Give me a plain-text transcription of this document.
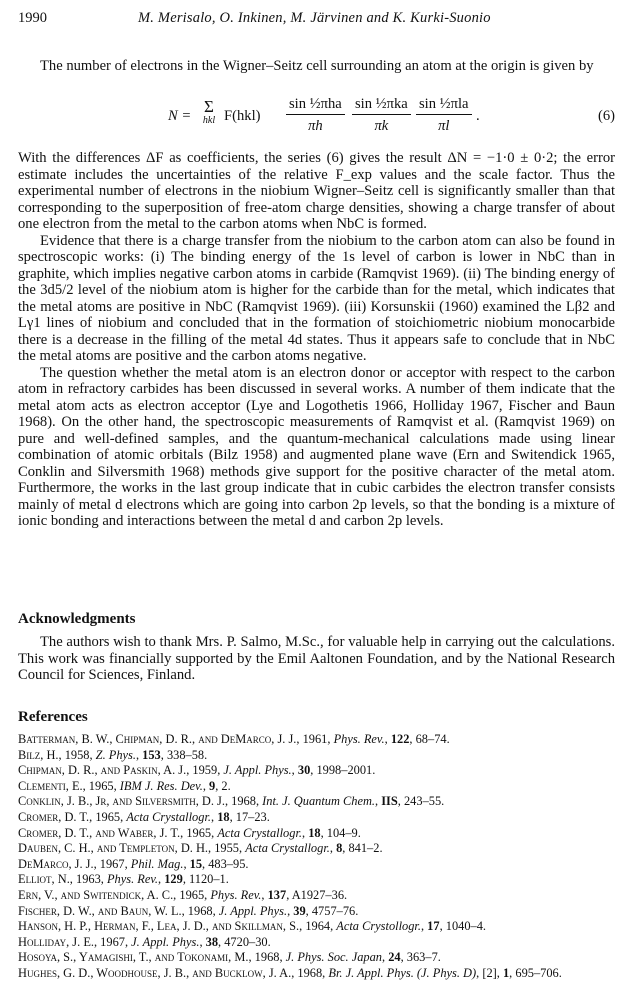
1990	M. Merisalo, O. Inkinen, M. Järvinen and K. Kurki-Suonio

The number of electrons in the Wigner–Seitz cell surrounding an atom at the origin is given by

N = Σ
hkl F(hkl)
sin ½πha
πh
sin ½πka
πk
sin ½πla
πl
.	(6)

With the differences ΔF as coefficients, the series (6) gives the result ΔN = −1·0 ± 0·2; the error estimate includes the uncertainties of the relative F_exp values and the scale factor. Thus the experimental number of electrons in the niobium Wigner–Seitz cell is significantly smaller than that corresponding to the superposition of free-atom charge densities, showing a charge transfer of about one electron from the metal to the carbon atoms when NbC is formed.

Evidence that there is a charge transfer from the niobium to the carbon atom can also be found in spectroscopic works: (i) The binding energy of the 1s level of carbon is lower in NbC than in graphite, which implies negative carbon atoms in carbide (Ramqvist 1969). (ii) The binding energy of the 3d5/2 level of the niobium atom is higher for the carbide than for the metal, which indicates that the metal atoms are positive in NbC (Ramqvist 1969). (iii) Korsunskii (1960) examined the Lβ2 and Lγ1 lines of niobium and concluded that in the formation of stoichiometric niobium monocarbide there is a decrease in the filling of the metal 4d states. Thus it appears safe to conclude that in NbC the metal atoms are positive and the carbon atoms negative.

The question whether the metal atom is an electron donor or acceptor with respect to the carbon atom in refractory carbides has been discussed in several works. A number of them indicate that the metal atom acts as electron acceptor (Lye and Logothetis 1966, Holliday 1967, Fischer and Baun 1968). On the other hand, the spectroscopic measurements of Ramqvist et al. (Ramqvist 1969) on pure and well-defined samples, and the quantum-mechanical calculations made using linear combination of atomic orbitals (Bilz 1958) and augmented plane wave (Ern and Switendick 1965, Conklin and Silversmith 1968) methods give support for the positive character of the metal atom. Furthermore, the works in the last group indicate that in cubic carbides the electron transfer consists mainly of metal d electrons which are going into carbon 2p levels, so that the bonding is a mixture of ionic bonding and interactions between the metal d and carbon 2p levels.

Acknowledgments

The authors wish to thank Mrs. P. Salmo, M.Sc., for valuable help in carrying out the calculations. This work was financially supported by the Emil Aaltonen Foundation, and by the National Research Council for Sciences, Finland.

References

Batterman, B. W., Chipman, D. R., and DeMarco, J. J., 1961, Phys. Rev., 122, 68–74.

Bilz, H., 1958, Z. Phys., 153, 338–58.

Chipman, D. R., and Paskin, A. J., 1959, J. Appl. Phys., 30, 1998–2001.

Clementi, E., 1965, IBM J. Res. Dev., 9, 2.

Conklin, J. B., Jr, and Silversmith, D. J., 1968, Int. J. Quantum Chem., IIS, 243–55.

Cromer, D. T., 1965, Acta Crystallogr., 18, 17–23.

Cromer, D. T., and Waber, J. T., 1965, Acta Crystallogr., 18, 104–9.

Dauben, C. H., and Templeton, D. H., 1955, Acta Crystallogr., 8, 841–2.

DeMarco, J. J., 1967, Phil. Mag., 15, 483–95.

Elliot, N., 1963, Phys. Rev., 129, 1120–1.

Ern, V., and Switendick, A. C., 1965, Phys. Rev., 137, A1927–36.

Fischer, D. W., and Baun, W. L., 1968, J. Appl. Phys., 39, 4757–76.

Hanson, H. P., Herman, F., Lea, J. D., and Skillman, S., 1964, Acta Crystollogr., 17, 1040–4.

Holliday, J. E., 1967, J. Appl. Phys., 38, 4720–30.

Hosoya, S., Yamagishi, T., and Tokonami, M., 1968, J. Phys. Soc. Japan, 24, 363–7.

Hughes, G. D., Woodhouse, J. B., and Bucklow, J. A., 1968, Br. J. Appl. Phys. (J. Phys. D), [2], 1, 695–706.
